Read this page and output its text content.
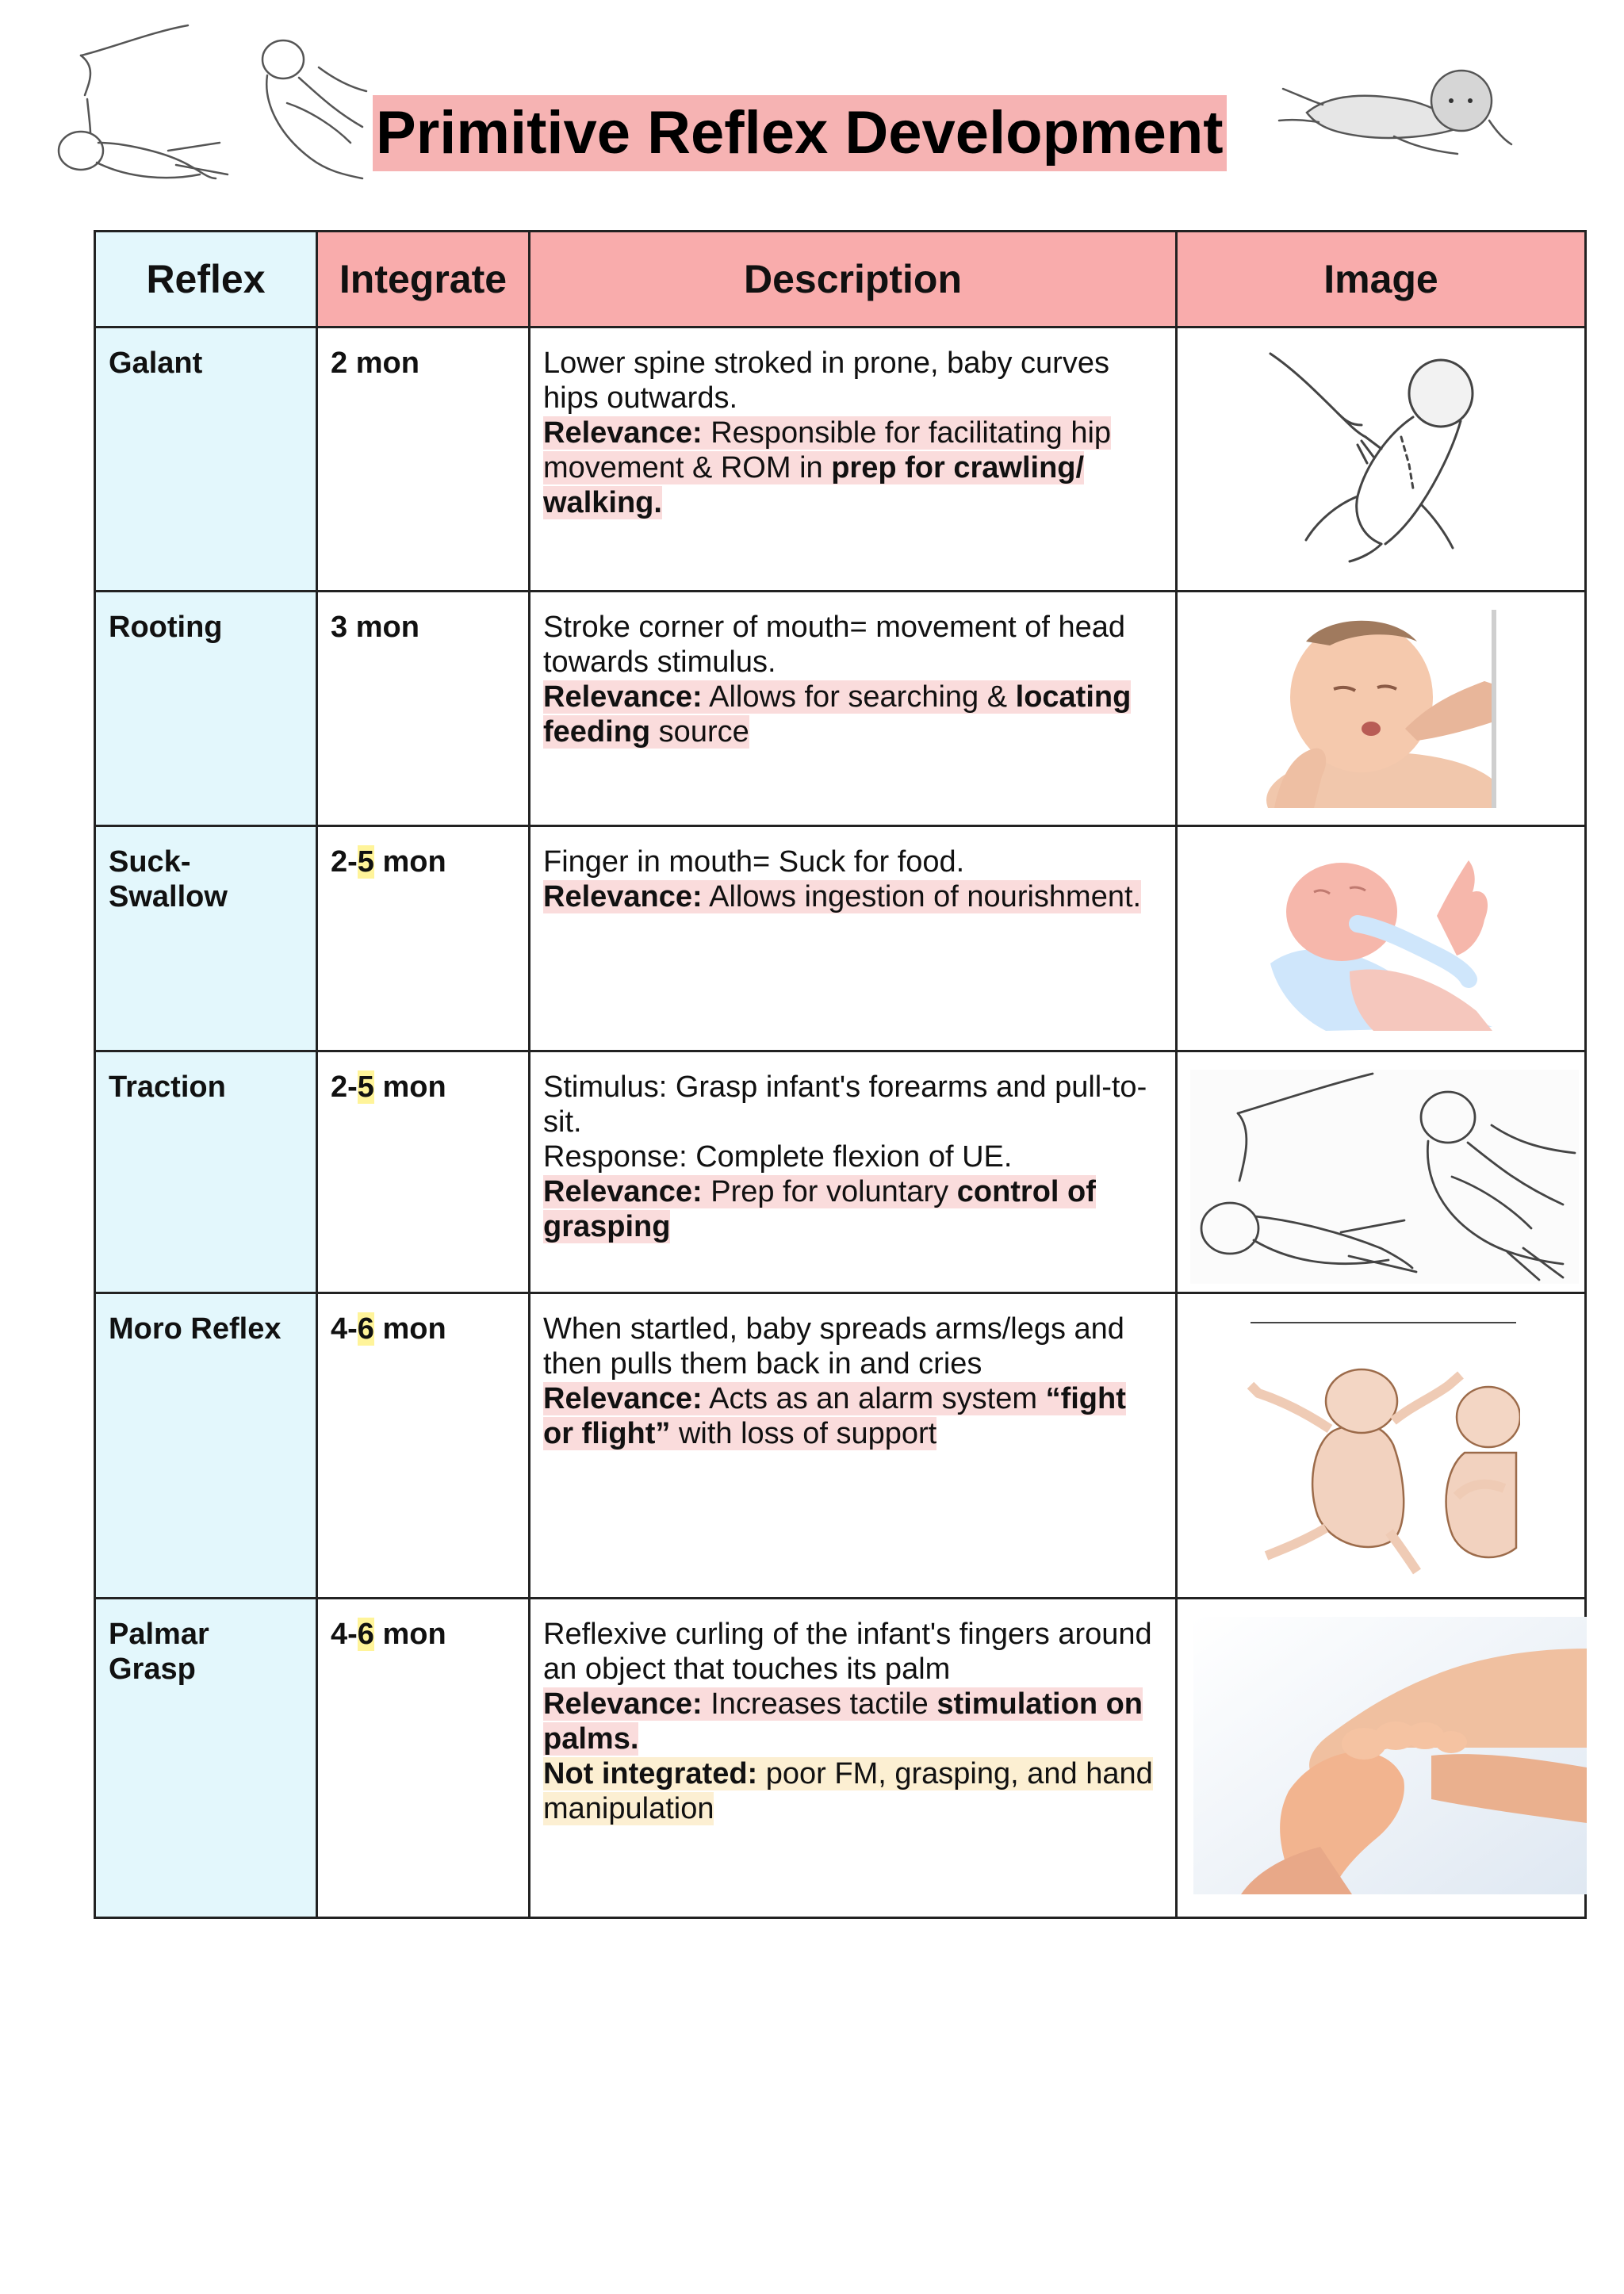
Primitive Reflex Development
Reflex	Integrate	Description	Image
Galant	2 mon	Lower spine stroked in prone, baby curves hips outwards.
Relevance: Responsible for facilitating hip movement & ROM in prep for crawling/ walking.	

Rooting	3 mon	Stroke corner of mouth= movement of head towards stimulus.
Relevance: Allows for searching & locating feeding source	

Suck-Swallow	2-5 mon	Finger in mouth= Suck for food.
Relevance: Allows ingestion of nourishment.	

Traction	2-5 mon	Stimulus: Grasp infant's forearms and pull-to-sit.
Response: Complete flexion of UE.
Relevance: Prep for voluntary control of grasping	

Moro Reflex	4-6 mon	When startled, baby spreads arms/legs and then pulls them back in and cries
Relevance: Acts as an alarm system “fight or flight” with loss of support	

Palmar Grasp	4-6 mon	Reflexive curling of the infant's fingers around an object that touches its palm
Relevance: Increases tactile stimulation on palms.
Not integrated: poor FM, grasping, and hand manipulation	
